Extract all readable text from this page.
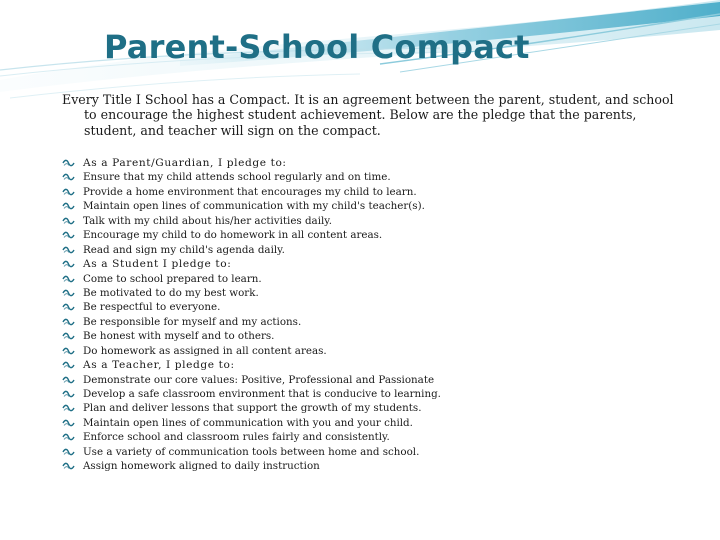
Parent-School Compact

Every Title I School has a Compact. It is an agreement between the parent, student, and school to encourage the highest student achievement. Below are the pledge that the parents, student, and teacher will sign on the compact.

As a Parent/Guardian, I pledge to:
Ensure that my child attends school regularly and on time.
Provide a home environment that encourages my child to learn.
Maintain open lines of communication with my child's teacher(s).
Talk with my child about his/her activities daily.
Encourage my child to do homework in all content areas.
Read and sign my child's agenda daily.
As a Student I pledge to:
Come to school prepared to learn.
Be motivated to do my best work.
Be respectful to everyone.
Be responsible for myself and my actions.
Be honest with myself and to others.
Do homework as assigned in all content areas.
As a Teacher, I pledge to:
Demonstrate our core values: Positive, Professional and Passionate
Develop a safe classroom environment that is conducive to learning.
Plan and deliver lessons that support the growth of my students.
Maintain open lines of communication with you and your child.
Enforce school and classroom rules fairly and consistently.
Use a variety of communication tools between home and school.
Assign homework aligned to daily instruction
